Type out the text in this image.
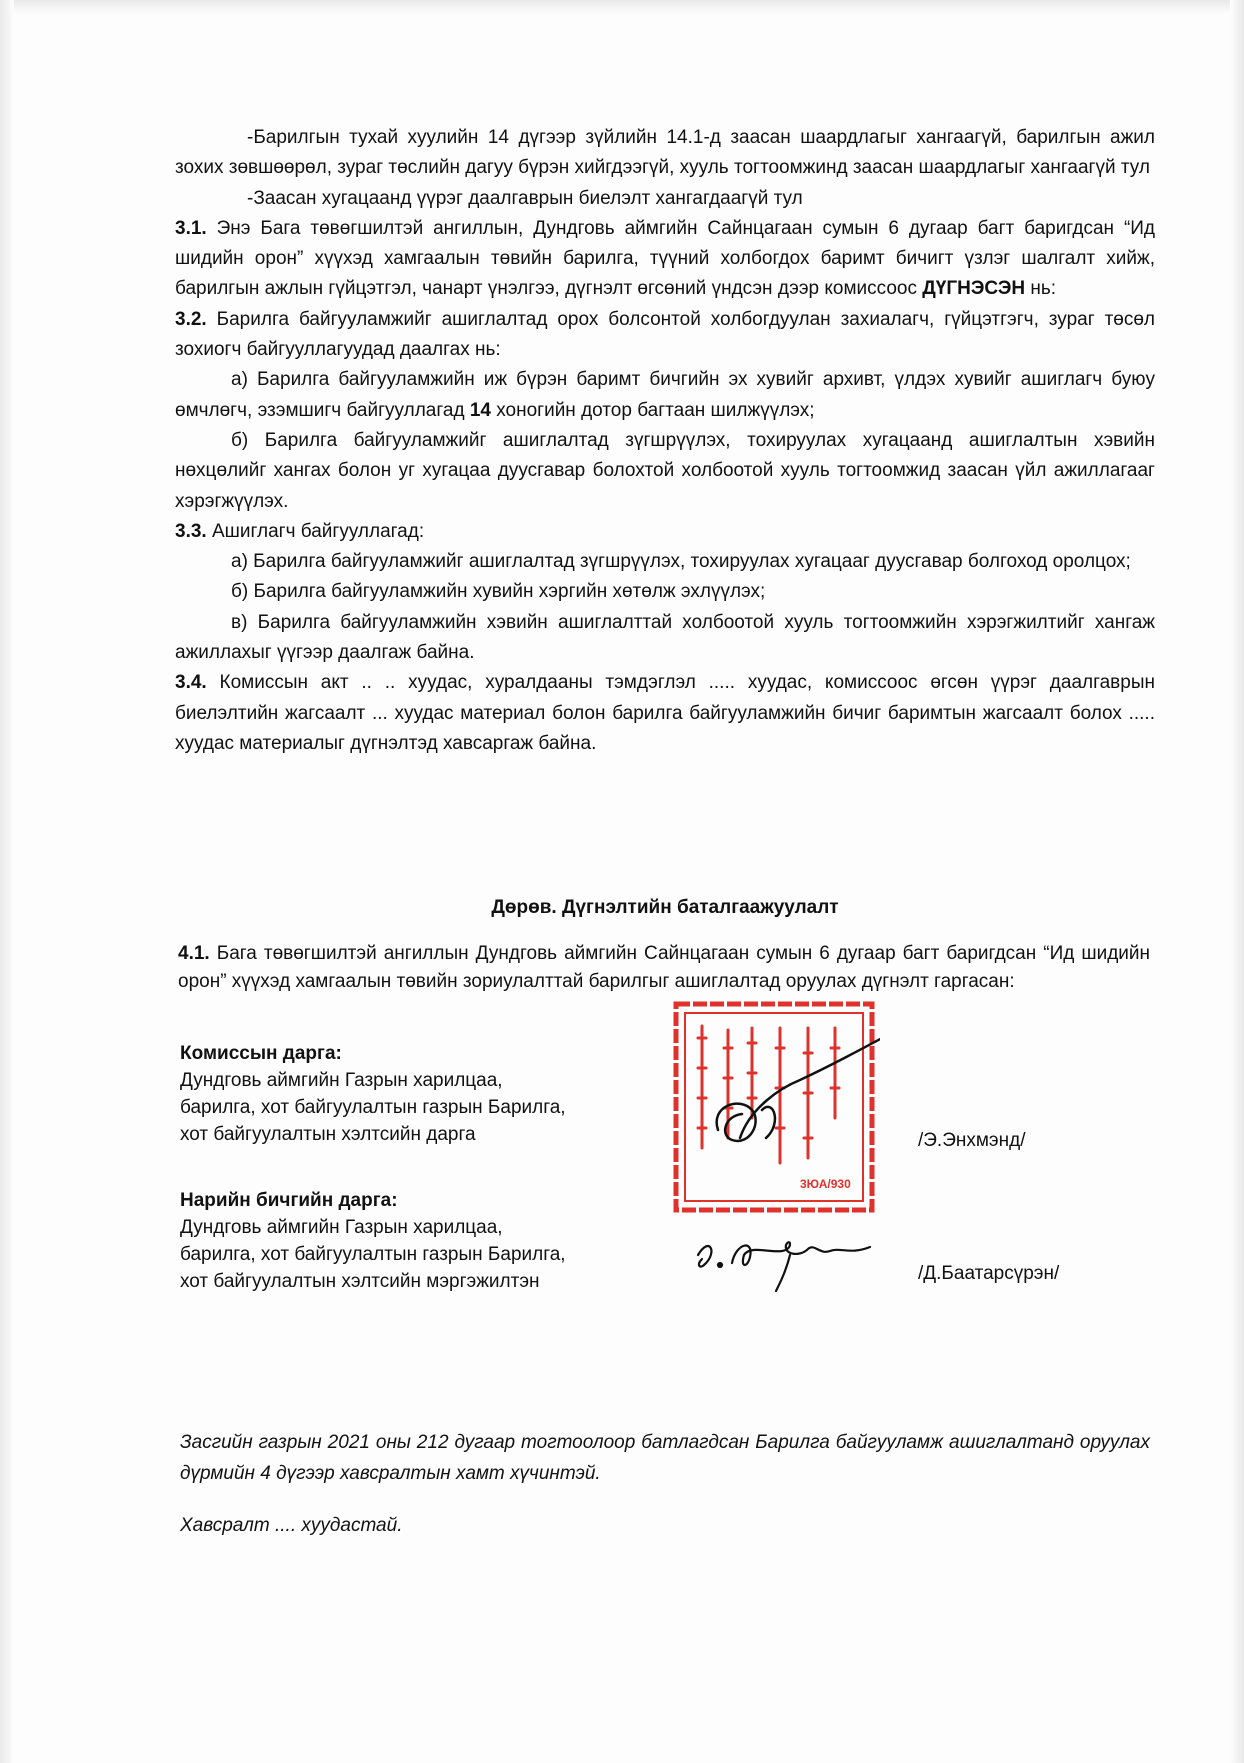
-Барилгын тухай хуулийн 14 дүгээр зүйлийн 14.1-д заасан шаардлагыг хангаагүй, барилгын ажил зохих зөвшөөрөл, зураг төслийн дагуу бүрэн хийгдээгүй, хууль тогтоомжинд заасан шаардлагыг хангаагүй тул

-Заасан хугацаанд үүрэг даалгаврын биелэлт хангагдаагүй тул

3.1. Энэ Бага төвөгшилтэй ангиллын, Дундговь аймгийн Сайнцагаан сумын 6 дугаар багт баригдсан “Ид шидийн орон” хүүхэд хамгаалын төвийн барилга, түүний холбогдох баримт бичигт үзлэг шалгалт хийж, барилгын ажлын гүйцэтгэл, чанарт үнэлгээ, дүгнэлт өгсөний үндсэн дээр комиссоос ДҮГНЭСЭН нь:

3.2. Барилга байгууламжийг ашиглалтад орох болсонтой холбогдуулан захиалагч, гүйцэтгэгч, зураг төсөл зохиогч байгууллагуудад даалгах нь:

а) Барилга байгууламжийн иж бүрэн баримт бичгийн эх хувийг архивт, үлдэх хувийг ашиглагч буюу өмчлөгч, эзэмшигч байгууллагад 14 хоногийн дотор багтаан шилжүүлэх;

б) Барилга байгууламжийг ашиглалтад зүгшрүүлэх, тохируулах хугацаанд ашиглалтын хэвийн нөхцөлийг хангах болон уг хугацаа дуусгавар болохтой холбоотой хууль тогтоомжид заасан үйл ажиллагааг хэрэгжүүлэх.

3.3. Ашиглагч байгууллагад:

а) Барилга байгууламжийг ашиглалтад зүгшрүүлэх, тохируулах хугацааг дуусгавар болгоход оролцох;

б) Барилга байгууламжийн хувийн хэргийн хөтөлж эхлүүлэх;

в) Барилга байгууламжийн хэвийн ашиглалттай холбоотой хууль тогтоомжийн хэрэгжилтийг хангаж ажиллахыг үүгээр даалгаж байна.

3.4. Комиссын акт .. .. хуудас, хуралдааны тэмдэглэл ..... хуудас, комиссоос өгсөн үүрэг даалгаврын биелэлтийн жагсаалт ... хуудас материал болон барилга байгууламжийн бичиг баримтын жагсаалт болох ..... хуудас материалыг дүгнэлтэд хавсаргаж байна.

Дөрөв. Дүгнэлтийн баталгаажуулалт

4.1. Бага төвөгшилтэй ангиллын Дундговь аймгийн Сайнцагаан сумын 6 дугаар багт баригдсан “Ид шидийн орон” хүүхэд хамгаалын төвийн зориулалттай барилгыг ашиглалтад оруулах дүгнэлт гаргасан:

Комиссын дарга:
Дундговь аймгийн Газрын харилцаа,
барилга, хот байгуулалтын газрын Барилга,
хот байгуулалтын хэлтсийн дарга	/Э.Энхмэнд/
Нарийн бичгийн дарга:
Дундговь аймгийн Газрын харилцаа,
барилга, хот байгуулалтын газрын Барилга,
хот байгуулалтын хэлтсийн мэргэжилтэн	/Д.Баатарсүрэн/
3ЮА/930
Засгийн газрын 2021 оны 212 дугаар тогтоолоор батлагдсан Барилга байгууламж ашиглалтанд оруулах дүрмийн 4 дүгээр хавсралтын хамт хүчинтэй.
Хавсралт .... хуудастай.
